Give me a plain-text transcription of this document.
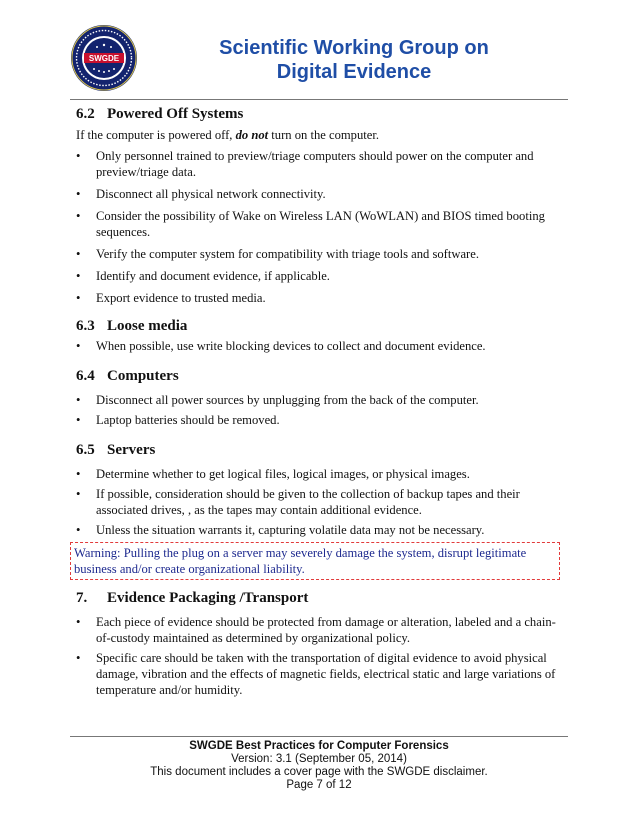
SWGDE	Scientific Working Group on
Digital Evidence
6.2 Powered Off Systems

If the computer is powered off, do not turn on the computer.

• Only personnel trained to preview/triage computers should power on the computer and preview/triage data.
• Disconnect all physical network connectivity.
• Consider the possibility of Wake on Wireless LAN (WoWLAN) and BIOS timed booting sequences.
• Verify the computer system for compatibility with triage tools and software.
• Identify and document evidence, if applicable.
• Export evidence to trusted media.
6.3 Loose media
• When possible, use write blocking devices to collect and document evidence.
6.4 Computers
• Disconnect all power sources by unplugging from the back of the computer.
• Laptop batteries should be removed.
6.5 Servers
• Determine whether to get logical files, logical images, or physical images.
• If possible, consideration should be given to the collection of backup tapes and their associated drives, , as the tapes may contain additional evidence.
• Unless the situation warrants it, capturing volatile data may not be necessary.
Warning: Pulling the plug on a server may severely damage the system, disrupt legitimate business and/or create organizational liability.
7. Evidence Packaging /Transport
• Each piece of evidence should be protected from damage or alteration, labeled and a chain-of-custody maintained as determined by organizational policy.
• Specific care should be taken with the transportation of digital evidence to avoid physical damage, vibration and the effects of magnetic fields, electrical static and large variations of temperature and/or humidity.
SWGDE Best Practices for Computer Forensics
Version: 3.1 (September 05, 2014)
This document includes a cover page with the SWGDE disclaimer.
Page 7 of 12
